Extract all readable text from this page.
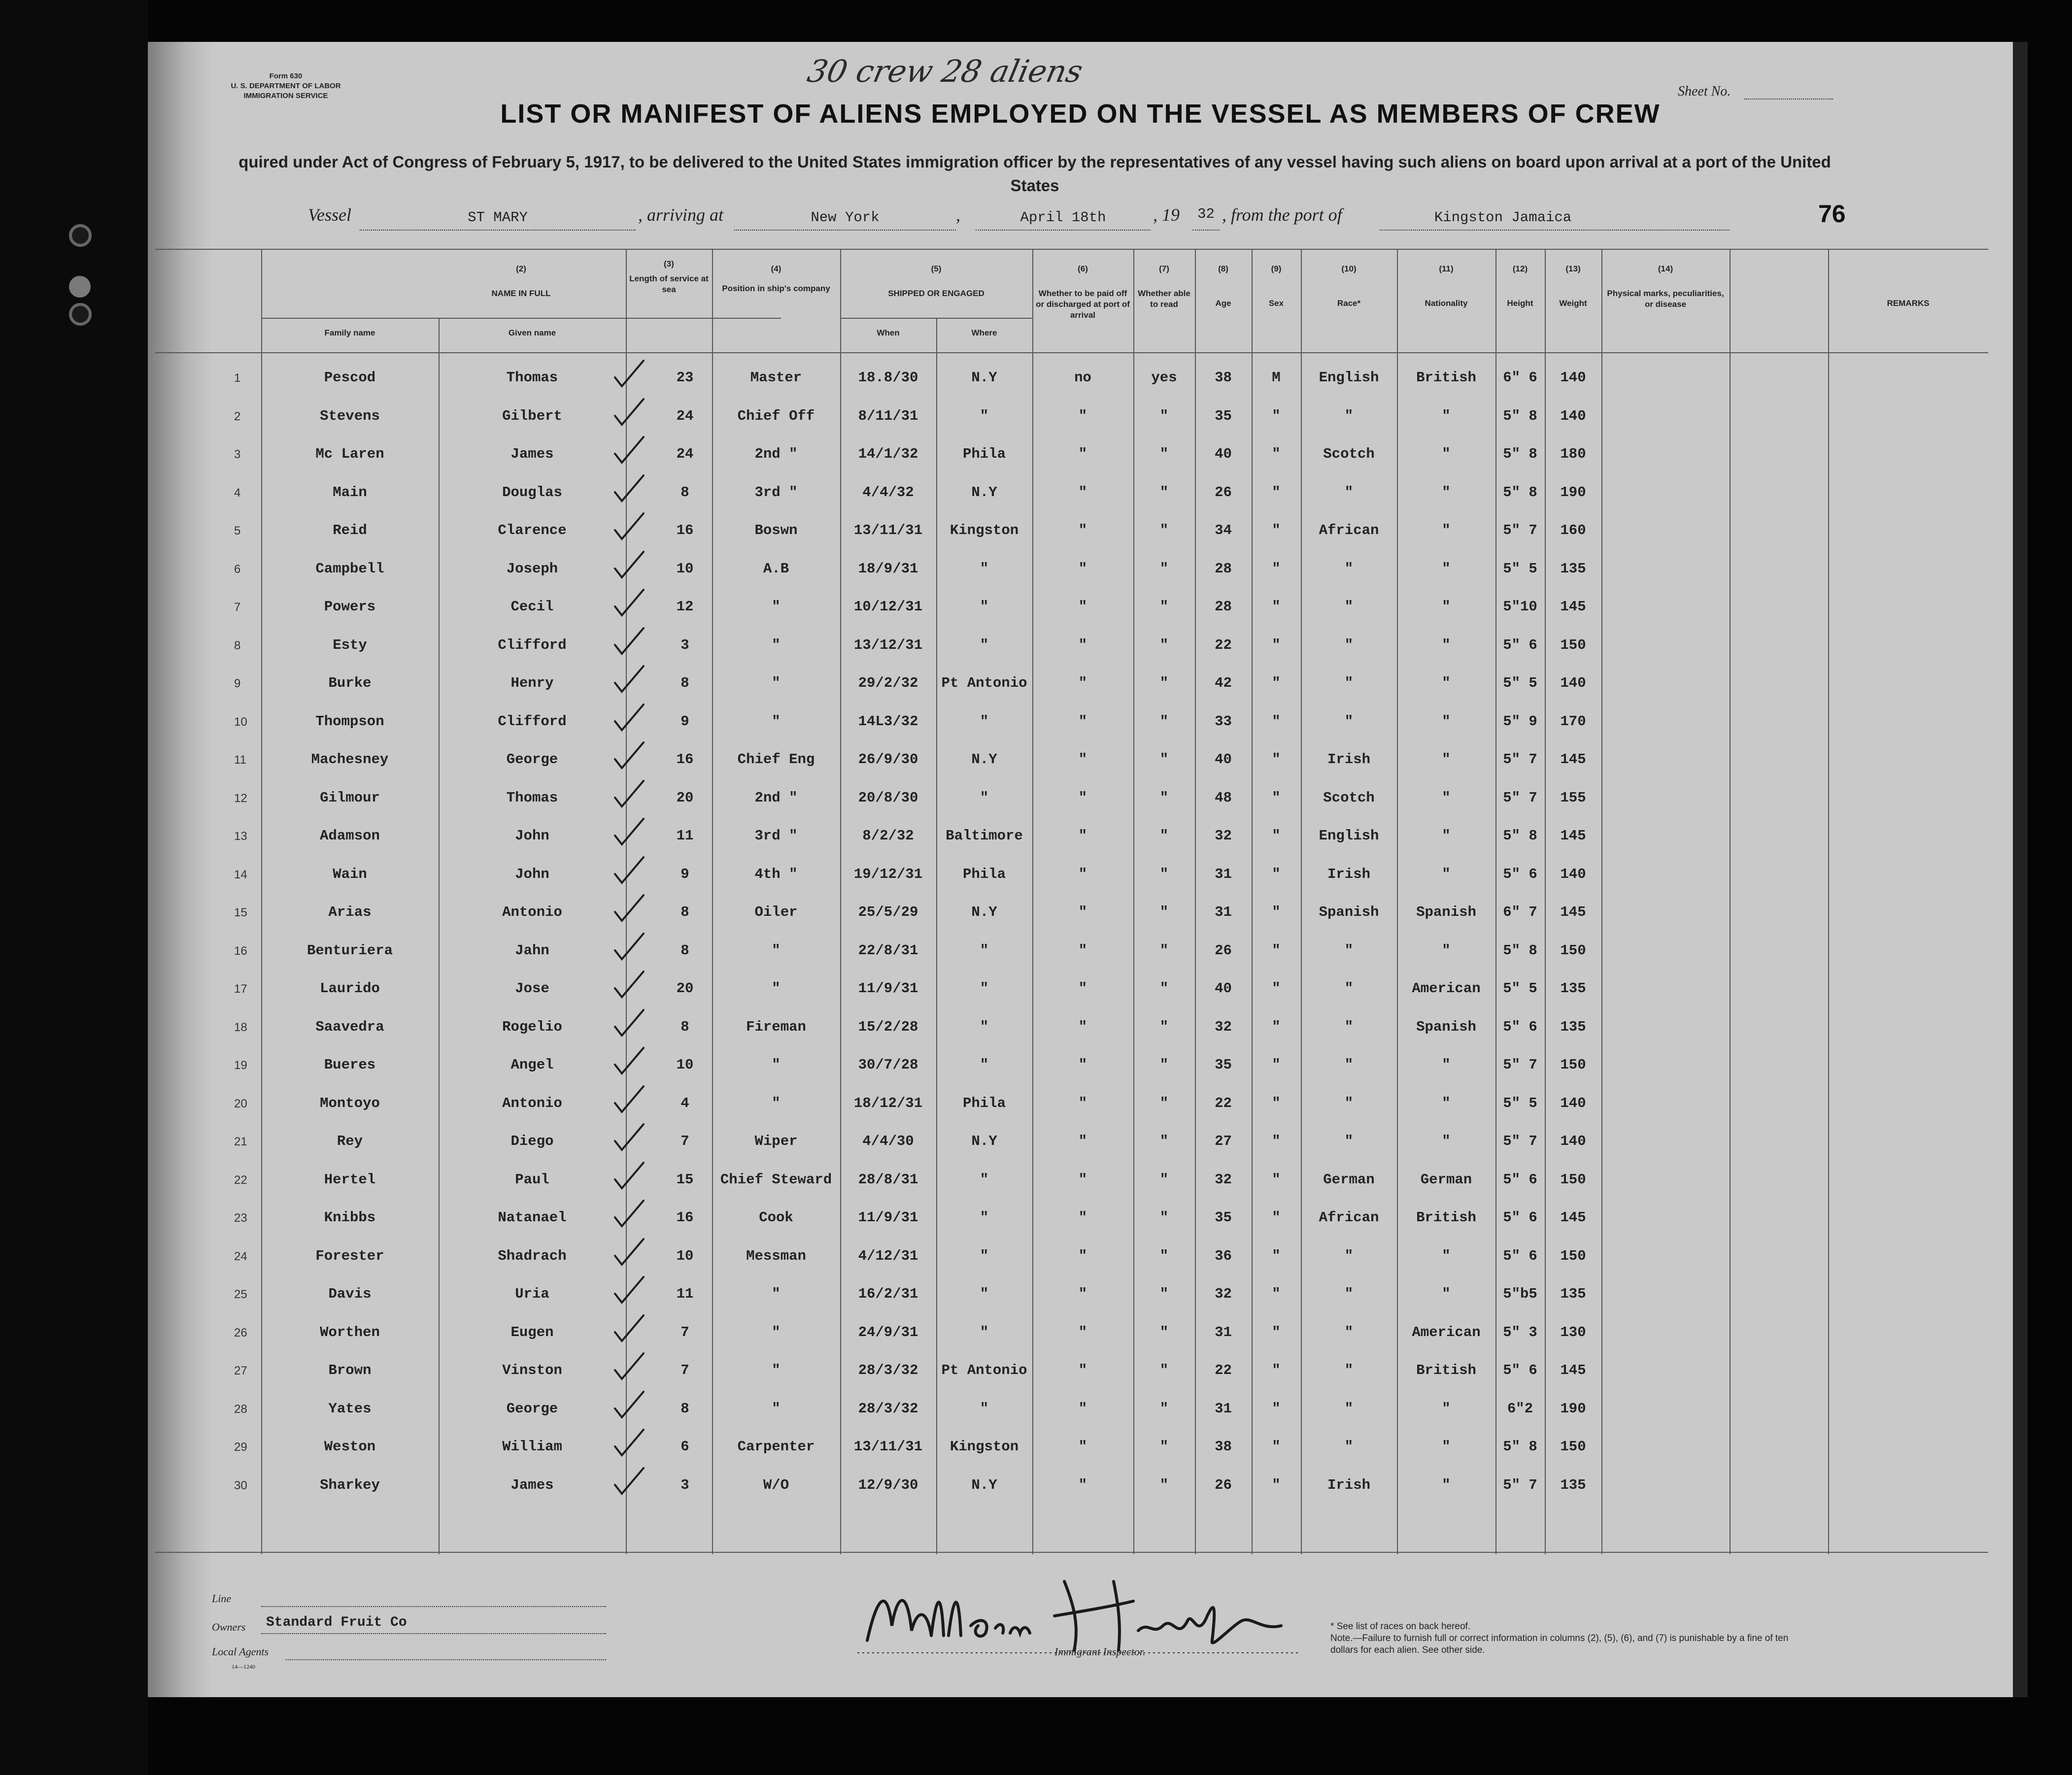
Form 630
U. S. DEPARTMENT OF LABOR
IMMIGRATION SERVICE
30 crew 28 aliens
Sheet No.
LIST OR MANIFEST OF ALIENS EMPLOYED ON THE VESSEL AS MEMBERS OF CREW
quired under Act of Congress of February 5, 1917, to be delivered to the United States immigration officer by the representatives of any vessel having such aliens on board upon arrival at a port of the United States
Vessel	ST MARY	, arriving at	New York	,	April 18th	, 19	32 , from the port of	Kingston Jamaica	76
(2)
NAME IN FULL
Family name	Given name
(3)
Length of service at sea
(4)
Position in ship's company
(5)
SHIPPED OR ENGAGED
When	Where
(6)
Whether to be paid off or discharged at port of arrival
(7)
Whether able to read
(8)
Age
(9)
Sex
(10)
Race*
(11)
Nationality
(12)
Height
(13)
Weight
(14)
Physical marks, peculiarities, or disease	REMARKS
1	Pescod	Thomas	23	Master	18.8/30	N.Y	no	yes	38	M	English	British	6" 6	140
2	Stevens	Gilbert	24	Chief Off	8/11/31	"	"	"	35	"	"	"	5" 8	140
3	Mc Laren	James	24	2nd "	14/1/32	Phila	"	"	40	"	Scotch	"	5" 8	180
4	Main	Douglas	8	3rd "	4/4/32	N.Y	"	"	26	"	"	"	5" 8	190
5	Reid	Clarence	16	Boswn	13/11/31	Kingston	"	"	34	"	African	"	5" 7	160
6	Campbell	Joseph	10	A.B	18/9/31	"	"	"	28	"	"	"	5" 5	135
7	Powers	Cecil	12	"	10/12/31	"	"	"	28	"	"	"	5"10	145
8	Esty	Clifford	3	"	13/12/31	"	"	"	22	"	"	"	5" 6	150
9	Burke	Henry	8	"	29/2/32	Pt Antonio	"	"	42	"	"	"	5" 5	140
10	Thompson	Clifford	9	"	14L3/32	"	"	"	33	"	"	"	5" 9	170
11	Machesney	George	16	Chief Eng	26/9/30	N.Y	"	"	40	"	Irish	"	5" 7	145
12	Gilmour	Thomas	20	2nd "	20/8/30	"	"	"	48	"	Scotch	"	5" 7	155
13	Adamson	John	11	3rd "	8/2/32	Baltimore	"	"	32	"	English	"	5" 8	145
14	Wain	John	9	4th "	19/12/31	Phila	"	"	31	"	Irish	"	5" 6	140
15	Arias	Antonio	8	Oiler	25/5/29	N.Y	"	"	31	"	Spanish	Spanish	6" 7	145
16	Benturiera	Jahn	8	"	22/8/31	"	"	"	26	"	"	"	5" 8	150
17	Laurido	Jose	20	"	11/9/31	"	"	"	40	"	"	American	5" 5	135
18	Saavedra	Rogelio	8	Fireman	15/2/28	"	"	"	32	"	"	Spanish	5" 6	135
19	Bueres	Angel	10	"	30/7/28	"	"	"	35	"	"	"	5" 7	150
20	Montoyo	Antonio	4	"	18/12/31	Phila	"	"	22	"	"	"	5" 5	140
21	Rey	Diego	7	Wiper	4/4/30	N.Y	"	"	27	"	"	"	5" 7	140
22	Hertel	Paul	15	Chief Steward	28/8/31	"	"	"	32	"	German	German	5" 6	150
23	Knibbs	Natanael	16	Cook	11/9/31	"	"	"	35	"	African	British	5" 6	145
24	Forester	Shadrach	10	Messman	4/12/31	"	"	"	36	"	"	"	5" 6	150
25	Davis	Uria	11	"	16/2/31	"	"	"	32	"	"	"	5"b5	135
26	Worthen	Eugen	7	"	24/9/31	"	"	"	31	"	"	American	5" 3	130
27	Brown	Vinston	7	"	28/3/32	Pt Antonio	"	"	22	"	"	British	5" 6	145
28	Yates	George	8	"	28/3/32	"	"	"	31	"	"	"	6"2	190
29	Weston	William	6	Carpenter	13/11/31	Kingston	"	"	38	"	"	"	5" 8	150
30	Sharkey	James	3	W/O	12/9/30	N.Y	"	"	26	"	Irish	"	5" 7	135
Line
Owners Standard Fruit Co
Local Agents
14—1240
Immigrant Inspector.
* See list of races on back hereof.
Note.—Failure to furnish full or correct information in columns (2), (5), (6), and (7) is punishable by a fine of ten dollars for each alien. See other side.
